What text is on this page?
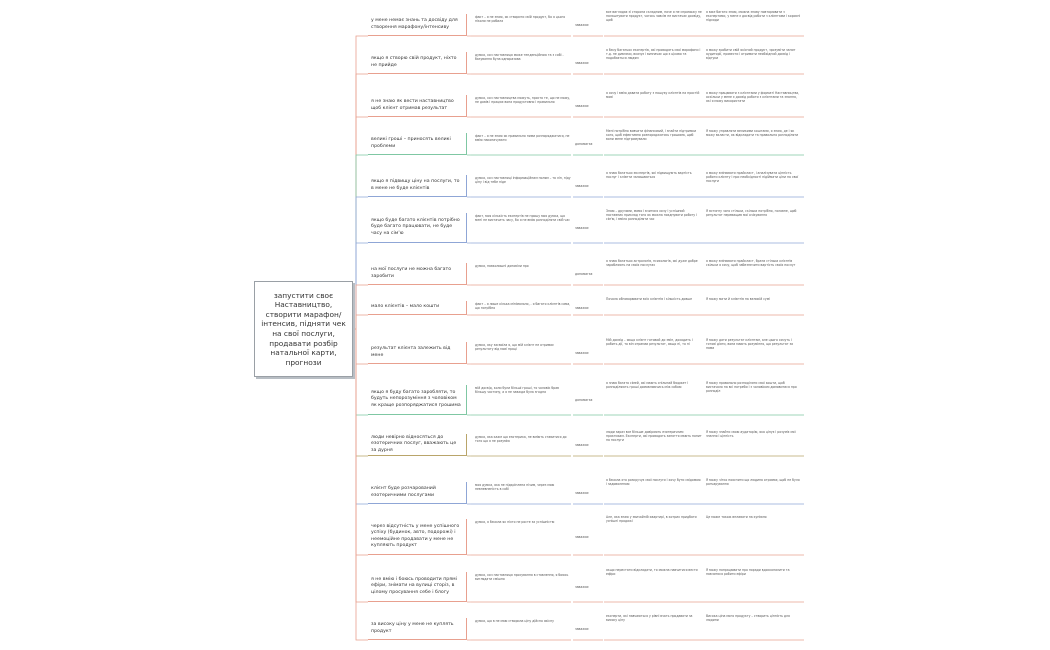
запустити своє Наставництво, створити марафон/ інтенсив, підняти чек на свої послуги, продавати розбір натальної карти, прогнози
у мене немає знань та досвіду для створення марафону/інтенсиву
факт – я не знаю, як створити свій продукт, бо я цього ніколи не робила
заважає
все виглядає зі сторони складним, наче я не спроможу не налаштувати продукт, чогось зовсім не вистачає досвіду, щоб
я вже багато знаю, можна знову повторювати з експертами, у мене є досвід роботи з клієнтами і корисні підходи
якщо я створю свій продукт, ніхто не прийде
думка, хоч наставниця може тенденційною та з собі - базування була одноразова
заважає
я бачу багатьох експертів, які проводять свої марафони і т.д. не дивлячи, вказує і визначає що є цікаво та подобається людям
я можу зробити свій якісний продукт, зрозуміти запит аудиторії, провести і отримати необхідний досвід і відгуки
я не знаю як вести наставництво щоб клієнт отримав результат
думка, хоч наставництва можуть, просто те, що не можу, не довів і працює вона продуктивно і правильно
заважає
я хочу і вмію давати роботу з пошуку клієнтів на простій мові
я можу працювати з клієнтами у форматі Наставництва, оскільки у мене є досвід роботи з клієнтами та знання, які я можу використати
великі гроші – приносять великі проблеми
факт – я не знаю як правильно ними розпоряджатися, не вмію накопичувати
допомагає
Мені потрібно вивчити фінансовий, і знайти підтримки кого, щоб ефективно розпоряджатись грошима, щоб вони мене підтримували
Я можу управляти великими коштами, я знаю, де і як можу вкласти, як відкладати та правильно розподіляти
якщо я підвищу ціну на послуги, то в мене не буде клієнтів
думка, хоч наставниці інформаційним полям – та ліп, піду ціну і від тебе піде
заважає
я знаю багатьох експертів, які підвищують вартість послуг і клієнти залишаються
я можу змінювати прайслист, і аналізувати цінність роботи клієнту і при необхідності підіймати ціни на свої послуги
якщо буде багато клієнтів потрібно буде багато працювати, не буде часу на сім'ю
факт, моя кількість експертів не прошу моя думка, що мені не вистачить часу, бо я не вмію розподіляти свій час
заважає
Знаю – друзями, мамо і вчитися хочу і успішний наставник приклад того як можна поєднувати роботу і сім'ю, і вміло розподіляти час
Я встигну чого стільки, скільки потрібно, головне, щоб результат перевищив мої очікування
на мої послуги не можна багато заробити
думка, навколишні доповіли про
допомагає
я знаю багатьох астрологів, психологів, які дуже добре заробляють на своїх послугах
я можу змінювати прайслист, брати стільки клієнтів скільки я хочу, щоб забезпечити вартість своїх послуг
мало клієнтів – мало кошти
факт – я лише кілька мінімально, - я багато клієнтів сама, що потрібно	заважає
Почала обговорювати всіх клієнтів і кількість довше	Я можу мати й клієнтів на великій сумі
результат клієнта залежить від мене
думка, яку засвоїла я, що мій клієнт не отримає результату від моєї праці
заважає
Мій досвід – якщо клієнт готовий до змін, доходить і робить дії, то він отримає результат, якщо ні, то ні
Я можу дати результат клієнтам, але цього хочуть і готові діяти, вони мають розуміння, що результат за нами
якщо я буду багато заробляти, то будуть непорозуміння з чоловіком як краще розпоряджатися грошима
мій досвід, коли були більші гроші, то чоловік брав більшу частину, а я не завжди була згодна
допомагає
я знаю багато сімей, які мають спільний бюджет і розподіляють гроші домовляючись між собою
Я можу правильно розподіляти свої кошти, щоб вистачало на всі потреби і з чоловіком домовитися про розподіл
люди невірно відносяться до езотеричних послуг, вважають це за дурня
думка, яка каже що езотерика, не вміють ставитися до того що я не розумію
заважає
люди зараз все більше довіряють езотеричним практикам. Експерти, які проводять заняття мають попит на послуги
Я можу знайти свою аудиторію, яка цінує і розуміє мої знання і цінність
клієнт буде розчарований езотеричними послугами
моя думка, яка не підкріплена нічим, через мою невпевненість в собі
заважає
я бачила хто розкручує свої послуги і хочу бути свідомою і задоволеною
Я можу чітко пояснити що людина отримає, щоб не було розчарування
через відсутність у мене успішного успіху (будинок, авто, подорожі) і неемоційне продавати у мене не купляють продукт
думка, я бачила як ніхто не росте за успішністю
заважає
Але, яка знаю у звичайній квартирі, в котрих придбати успішні продажі
Це може також впливати на купівлю
я не вмію і боюсь проводити прямі ефіри, знімати на вулиці сторіз, в цілому просування себе і блогу
думка, хоч наставниця просування в ставлення, я боюсь виглядати смішно
заважає
якщо перестати відкладати, то можна навчитися вести ефіри
Я можу попрацювати про поради вдосконалити та навчитися робити ефіри
за високу ціну у мене не куплять продукт
думка, що в не маю створила ціну дійсно якісну
заважає
експерти, які навчаються у рівні вчать продавати за високу ціну
Висока ціна мого продукту – створить цінність для людини
